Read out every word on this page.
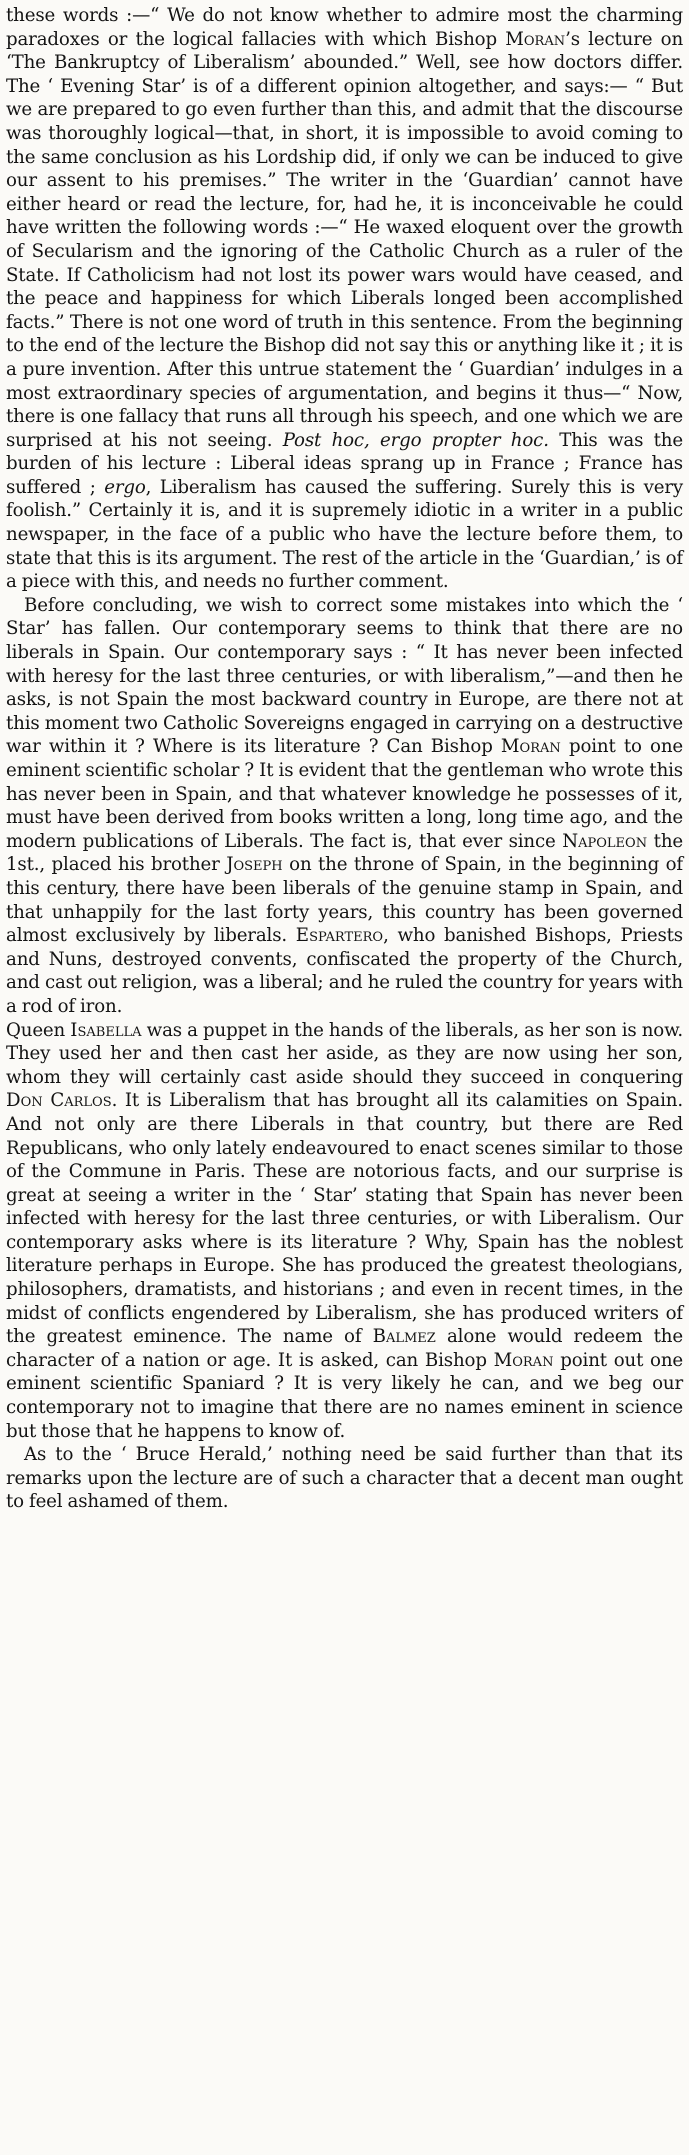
these words :—“ We do not know whether to admire most the charming paradoxes or the logical fallacies with which Bishop Moran’s lecture on ‘The Bankruptcy of Liberalism’ abounded.” Well, see how doctors differ. The ‘ Evening Star’ is of a different opinion altogether, and says:— “ But we are prepared to go even further than this, and admit that the discourse was thoroughly logical—that, in short, it is impossible to avoid coming to the same conclusion as his Lordship did, if only we can be induced to give our assent to his premises.” The writer in the ‘Guardian’ cannot have either heard or read the lecture, for, had he, it is inconceivable he could have written the following words :—“ He waxed eloquent over the growth of Secularism and the ignoring of the Catholic Church as a ruler of the State. If Catholicism had not lost its power wars would have ceased, and the peace and happiness for which Liberals longed been accomplished facts.” There is not one word of truth in this sentence. From the beginning to the end of the lecture the Bishop did not say this or anything like it ; it is a pure invention. After this untrue statement the ‘ Guardian’ indulges in a most extraordinary species of argumentation, and begins it thus—“ Now, there is one fallacy that runs all through his speech, and one which we are surprised at his not seeing. Post hoc, ergo propter hoc. This was the burden of his lecture : Liberal ideas sprang up in France ; France has suffered ; ergo, Liberalism has caused the suffering. Surely this is very foolish.” Certainly it is, and it is supremely idiotic in a writer in a public newspaper, in the face of a public who have the lecture before them, to state that this is its argument. The rest of the article in the ‘Guardian,’ is of a piece with this, and needs no further comment.

Before concluding, we wish to correct some mistakes into which the ‘ Star’ has fallen. Our contemporary seems to think that there are no liberals in Spain. Our contemporary says : “ It has never been infected with heresy for the last three centuries, or with liberalism,”—and then he asks, is not Spain the most backward country in Europe, are there not at this moment two Catholic Sovereigns engaged in carrying on a destructive war within it ? Where is its literature ? Can Bishop Moran point to one eminent scientific scholar ? It is evident that the gentleman who wrote this has never been in Spain, and that whatever knowledge he possesses of it, must have been derived from books written a long, long time ago, and the modern publications of Liberals. The fact is, that ever since Napoleon the 1st., placed his brother Joseph on the throne of Spain, in the beginning of this century, there have been liberals of the genuine stamp in Spain, and that unhappily for the last forty years, this country has been governed almost exclusively by liberals. Espartero, who banished Bishops, Priests and Nuns, destroyed convents, confiscated the property of the Church, and cast out religion, was a liberal; and he ruled the country for years with a rod of iron.

Queen Isabella was a puppet in the hands of the liberals, as her son is now. They used her and then cast her aside, as they are now using her son, whom they will certainly cast aside should they succeed in conquering Don Carlos. It is Liberalism that has brought all its calamities on Spain. And not only are there Liberals in that country, but there are Red Republicans, who only lately endeavoured to enact scenes similar to those of the Commune in Paris. These are notorious facts, and our surprise is great at seeing a writer in the ‘ Star’ stating that Spain has never been infected with heresy for the last three centuries, or with Liberalism. Our contemporary asks where is its literature ? Why, Spain has the noblest literature perhaps in Europe. She has produced the greatest theologians, philosophers, dramatists, and historians ; and even in recent times, in the midst of conflicts engendered by Liberalism, she has produced writers of the greatest eminence. The name of Balmez alone would redeem the character of a nation or age. It is asked, can Bishop Moran point out one eminent scientific Spaniard ? It is very likely he can, and we beg our contemporary not to imagine that there are no names eminent in science but those that he happens to know of.

As to the ‘ Bruce Herald,’ nothing need be said further than that its remarks upon the lecture are of such a character that a decent man ought to feel ashamed of them.
